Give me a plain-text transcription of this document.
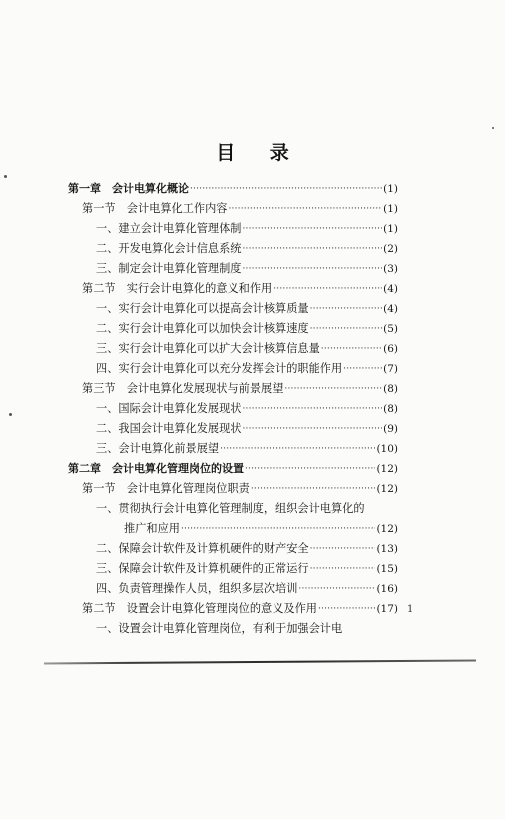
目 录
第一章　会计电算化概论 ·····	(1)
第一节　会计电算化工作内容 ·····	(1)
一、建立会计电算化管理体制 ·····	(1)
二、开发电算化会计信息系统 ·····	(2)
三、制定会计电算化管理制度 ·····	(3)
第二节　实行会计电算化的意义和作用 ·····	(4)
一、实行会计电算化可以提高会计核算质量 ·····	(4)
二、实行会计电算化可以加快会计核算速度 ·····	(5)
三、实行会计电算化可以扩大会计核算信息量 ·····	(6)
四、实行会计电算化可以充分发挥会计的职能作用 ·····	(7)
第三节　会计电算化发展现状与前景展望 ·····	(8)
一、国际会计电算化发展现状 ·····	(8)
二、我国会计电算化发展现状 ·····	(9)
三、会计电算化前景展望 ·····	(10)
第二章　会计电算化管理岗位的设置 ·····	(12)
第一节　会计电算化管理岗位职责 ·····	(12)
一、贯彻执行会计电算化管理制度，组织会计电算化的
推广和应用 ·····	(12)
二、保障会计软件及计算机硬件的财产安全 ·····	(13)
三、保障会计软件及计算机硬件的正常运行 ·····	(15)
四、负责管理操作人员，组织多层次培训 ·····	(16)
第二节　设置会计电算化管理岗位的意义及作用 ·····	(17)
一、设置会计电算化管理岗位，有利于加强会计电
1
